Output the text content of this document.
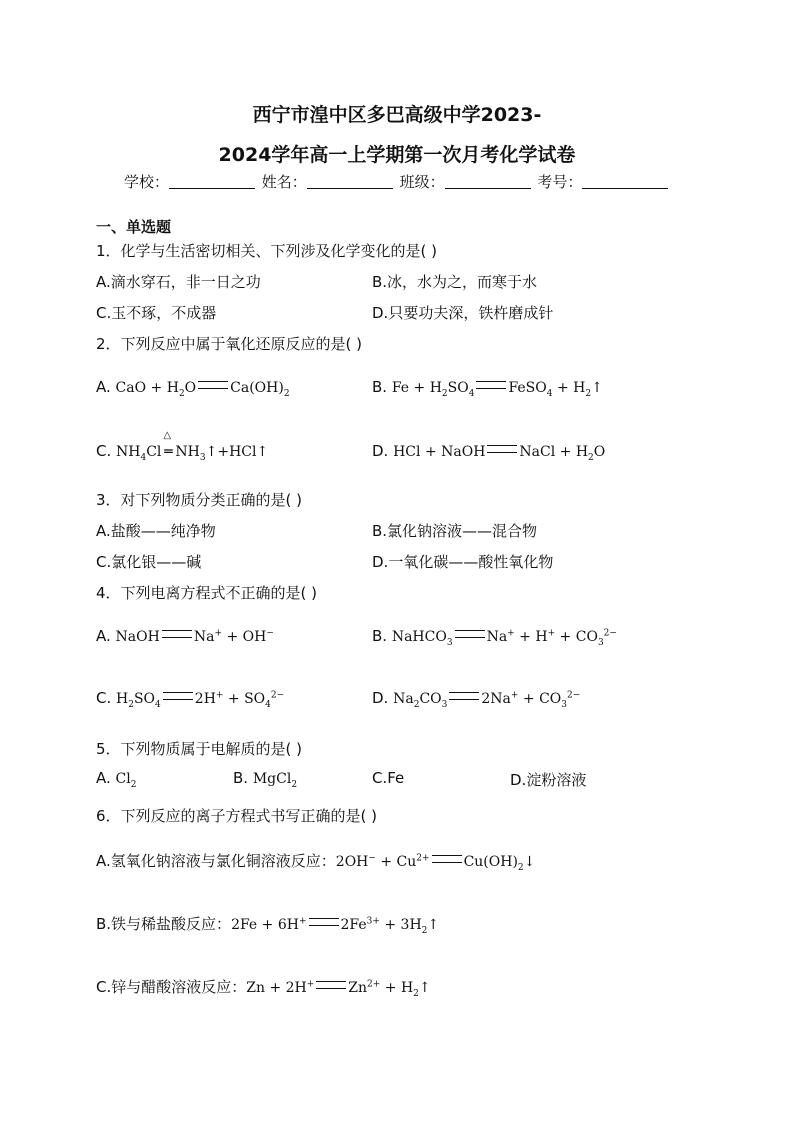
西宁市湟中区多巴高级中学2023-
2024学年高一上学期第一次月考化学试卷
学校：	姓名：	班级：	考号：
一、单选题
1．化学与生活密切相关、下列涉及化学变化的是( )
A.滴水穿石，非一日之功	B.冰，水为之，而寒于水
C.玉不琢，不成器	D.只要功夫深，铁杵磨成针
2．下列反应中属于氧化还原反应的是( )
A. CaO + $H_2O$ $Ca(OH)_2$	B. $Fe + H_2SO_4$ FeSO$_4$ + $H_2↑$
C. $NH_4Cl$
△
═ $NH_3↑+HCl↑$	D. HCl + NaOH NaCl + $H_2O$
3．对下列物质分类正确的是( )
A.盐酸——纯净物	B.氯化钠溶液——混合物
C.氯化银——碱	D.一氧化碳——酸性氧化物
4．下列电离方程式不正确的是( )
A. NaOH Na+ + OH−	B. NaHCO$_3$ $Na^+ + H^+ + CO_3^{2-}$
C. $H_2SO_4$ $2H^+ + SO_4^{2-}$	D. $Na_2CO_3$ $2Na^+ + CO_3^{2-}$
5．下列物质属于电解质的是( )
A. $Cl_2$	B. MgCl$_2$	C.Fe	D.淀粉溶液
6．下列反应的离子方程式书写正确的是( )
A.氢氧化钠溶液与氯化铜溶液反应：$2OH^- + Cu^{2+}$ $Cu(OH)_2↓$
B.铁与稀盐酸反应：2Fe + 6H+ $2Fe^{3+}$ + $3H_2↑$
C.锌与醋酸溶液反应：Zn + 2H+ $Zn^{2+}$ + $H_2↑$
